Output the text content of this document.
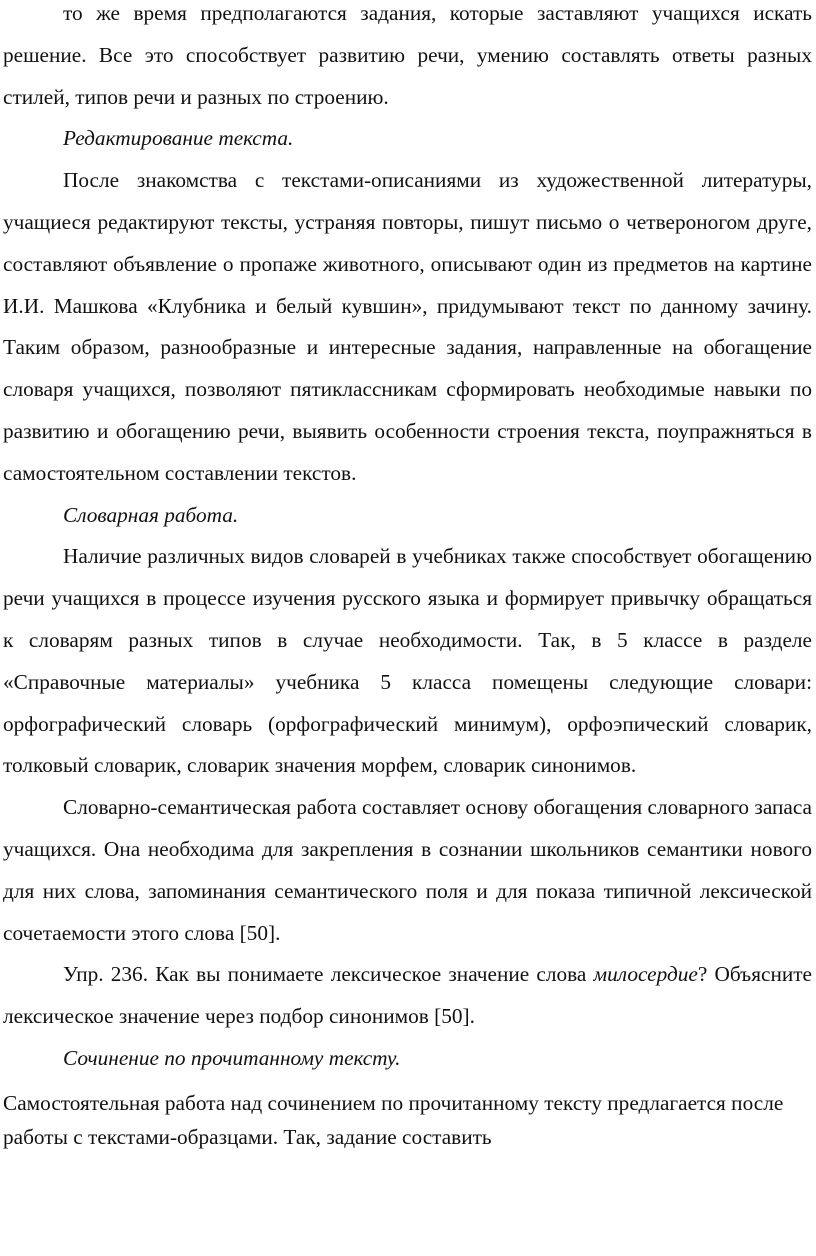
то же время предполагаются задания, которые заставляют учащихся искать решение. Все это способствует развитию речи, умению составлять ответы разных стилей, типов речи и разных по строению.

Редактирование текста.

После знакомства с текстами-описаниями из художественной литературы, учащиеся редактируют тексты, устраняя повторы, пишут письмо о четвероногом друге, составляют объявление о пропаже животного, описывают один из предметов на картине И.И. Машкова «Клубника и белый кувшин», придумывают текст по данному зачину. Таким образом, разнообразные и интересные задания, направленные на обогащение словаря учащихся, позволяют пятиклассникам сформировать необходимые навыки по развитию и обогащению речи, выявить особенности строения текста, поупражняться в самостоятельном составлении текстов.

Словарная работа.

Наличие различных видов словарей в учебниках также способствует обогащению речи учащихся в процессе изучения русского языка и формирует привычку обращаться к словарям разных типов в случае необходимости. Так, в 5 классе в разделе «Справочные материалы» учебника 5 класса помещены следующие словари: орфографический словарь (орфографический минимум), орфоэпический словарик, толковый словарик, словарик значения морфем, словарик синонимов.

Словарно-семантическая работа составляет основу обогащения словарного запаса учащихся. Она необходима для закрепления в сознании школьников семантики нового для них слова, запоминания семантического поля и для показа типичной лексической сочетаемости этого слова [50].

Упр. 236. Как вы понимаете лексическое значение слова милосердие? Объясните лексическое значение через подбор синонимов [50].

Сочинение по прочитанному тексту.

Самостоятельная работа над сочинением по прочитанному тексту предлагается после работы с текстами-образцами. Так, задание составить
